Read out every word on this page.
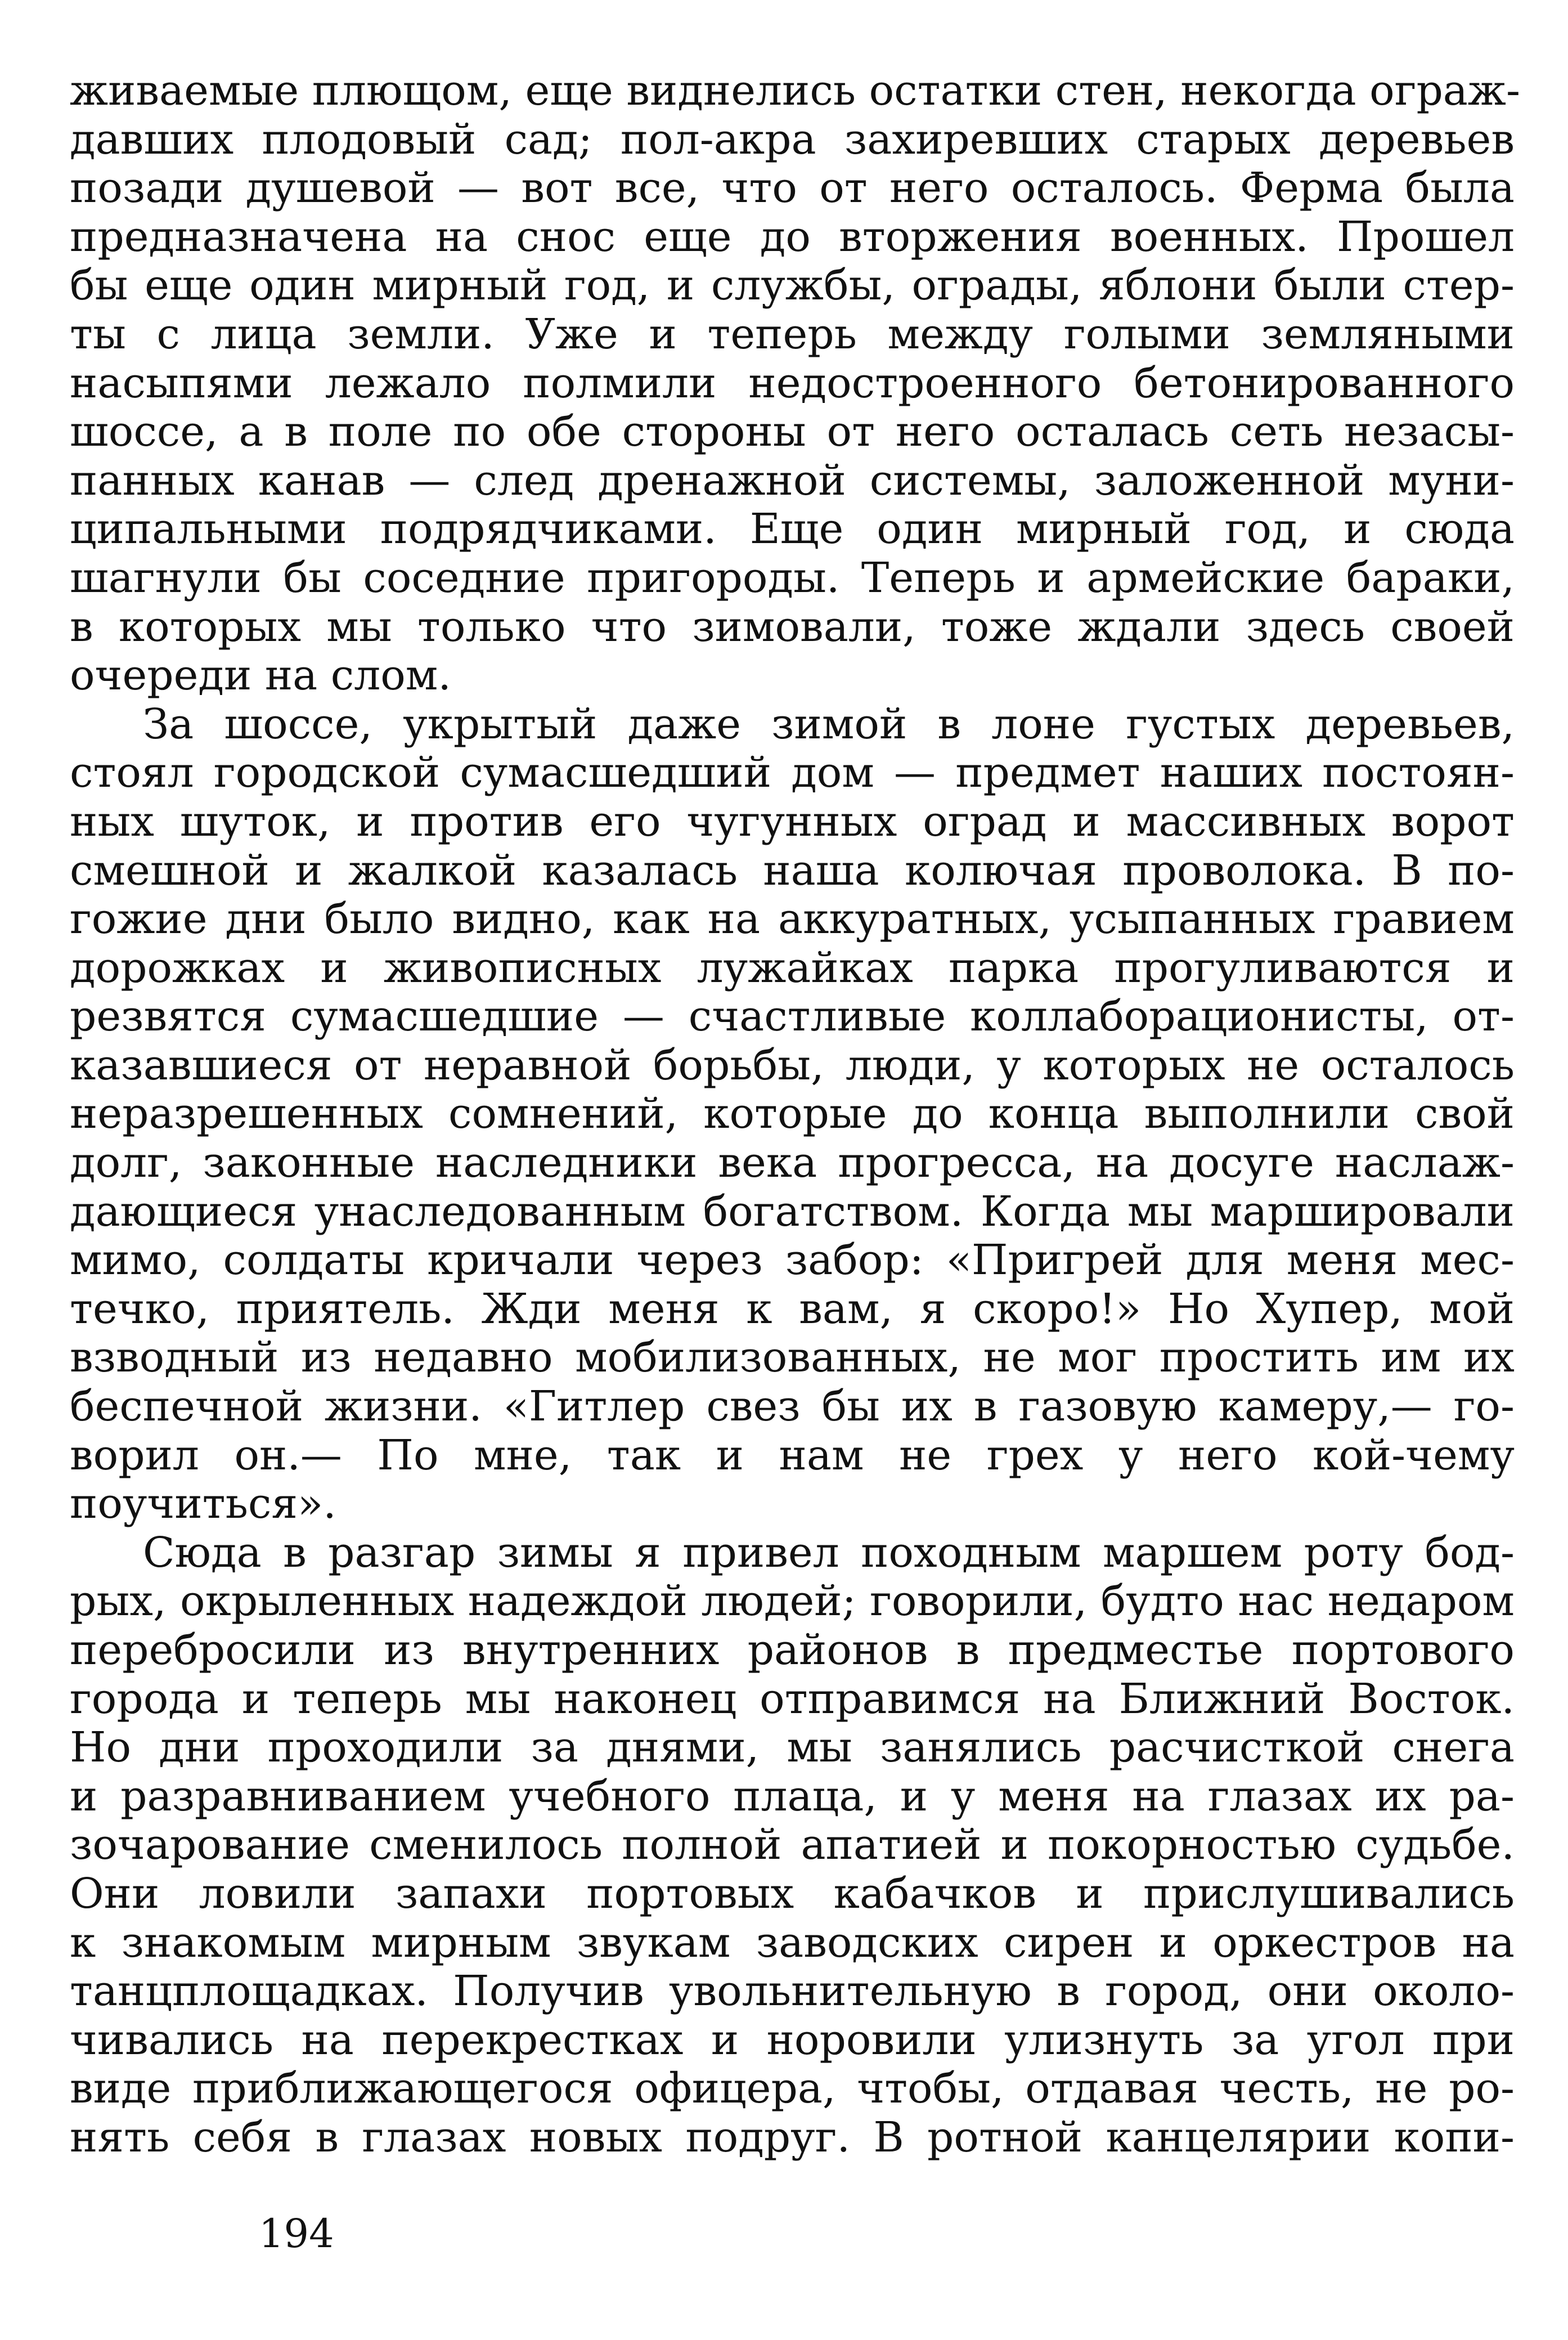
живаемые плющом, еще виднелись остатки стен, некогда ограж-
давших плодовый сад; пол-акра захиревших старых деревьев
позади душевой — вот все, что от него осталось. Ферма была
предназначена на снос еще до вторжения военных. Прошел
бы еще один мирный год, и службы, ограды, яблони были стер-
ты с лица земли. Уже и теперь между голыми земляными
насыпями лежало полмили недостроенного бетонированного
шоссе, а в поле по обе стороны от него осталась сеть незасы-
панных канав — след дренажной системы, заложенной муни-
ципальными подрядчиками. Еще один мирный год, и сюда
шагнули бы соседние пригороды. Теперь и армейские бараки,
в которых мы только что зимовали, тоже ждали здесь своей
очереди на слом.
За шоссе, укрытый даже зимой в лоне густых деревьев,
стоял городской сумасшедший дом — предмет наших постоян-
ных шуток, и против его чугунных оград и массивных ворот
смешной и жалкой казалась наша колючая проволока. В по-
гожие дни было видно, как на аккуратных, усыпанных гравием
дорожках и живописных лужайках парка прогуливаются и
резвятся сумасшедшие — счастливые коллаборационисты, от-
казавшиеся от неравной борьбы, люди, у которых не осталось
неразрешенных сомнений, которые до конца выполнили свой
долг, законные наследники века прогресса, на досуге наслаж-
дающиеся унаследованным богатством. Когда мы маршировали
мимо, солдаты кричали через забор: «Пригрей для меня мес-
течко, приятель. Жди меня к вам, я скоро!» Но Хупер, мой
взводный из недавно мобилизованных, не мог простить им их
беспечной жизни. «Гитлер свез бы их в газовую камеру,— го-
ворил он.— По мне, так и нам не грех у него кой-чему
поучиться».
Сюда в разгар зимы я привел походным маршем роту бод-
рых, окрыленных надеждой людей; говорили, будто нас недаром
перебросили из внутренних районов в предместье портового
города и теперь мы наконец отправимся на Ближний Восток.
Но дни проходили за днями, мы занялись расчисткой снега
и разравниванием учебного плаца, и у меня на глазах их ра-
зочарование сменилось полной апатией и покорностью судьбе.
Они ловили запахи портовых кабачков и прислушивались
к знакомым мирным звукам заводских сирен и оркестров на
танцплощадках. Получив увольнительную в город, они около-
чивались на перекрестках и норовили улизнуть за угол при
виде приближающегося офицера, чтобы, отдавая честь, не ро-
нять себя в глазах новых подруг. В ротной канцелярии копи-
194
